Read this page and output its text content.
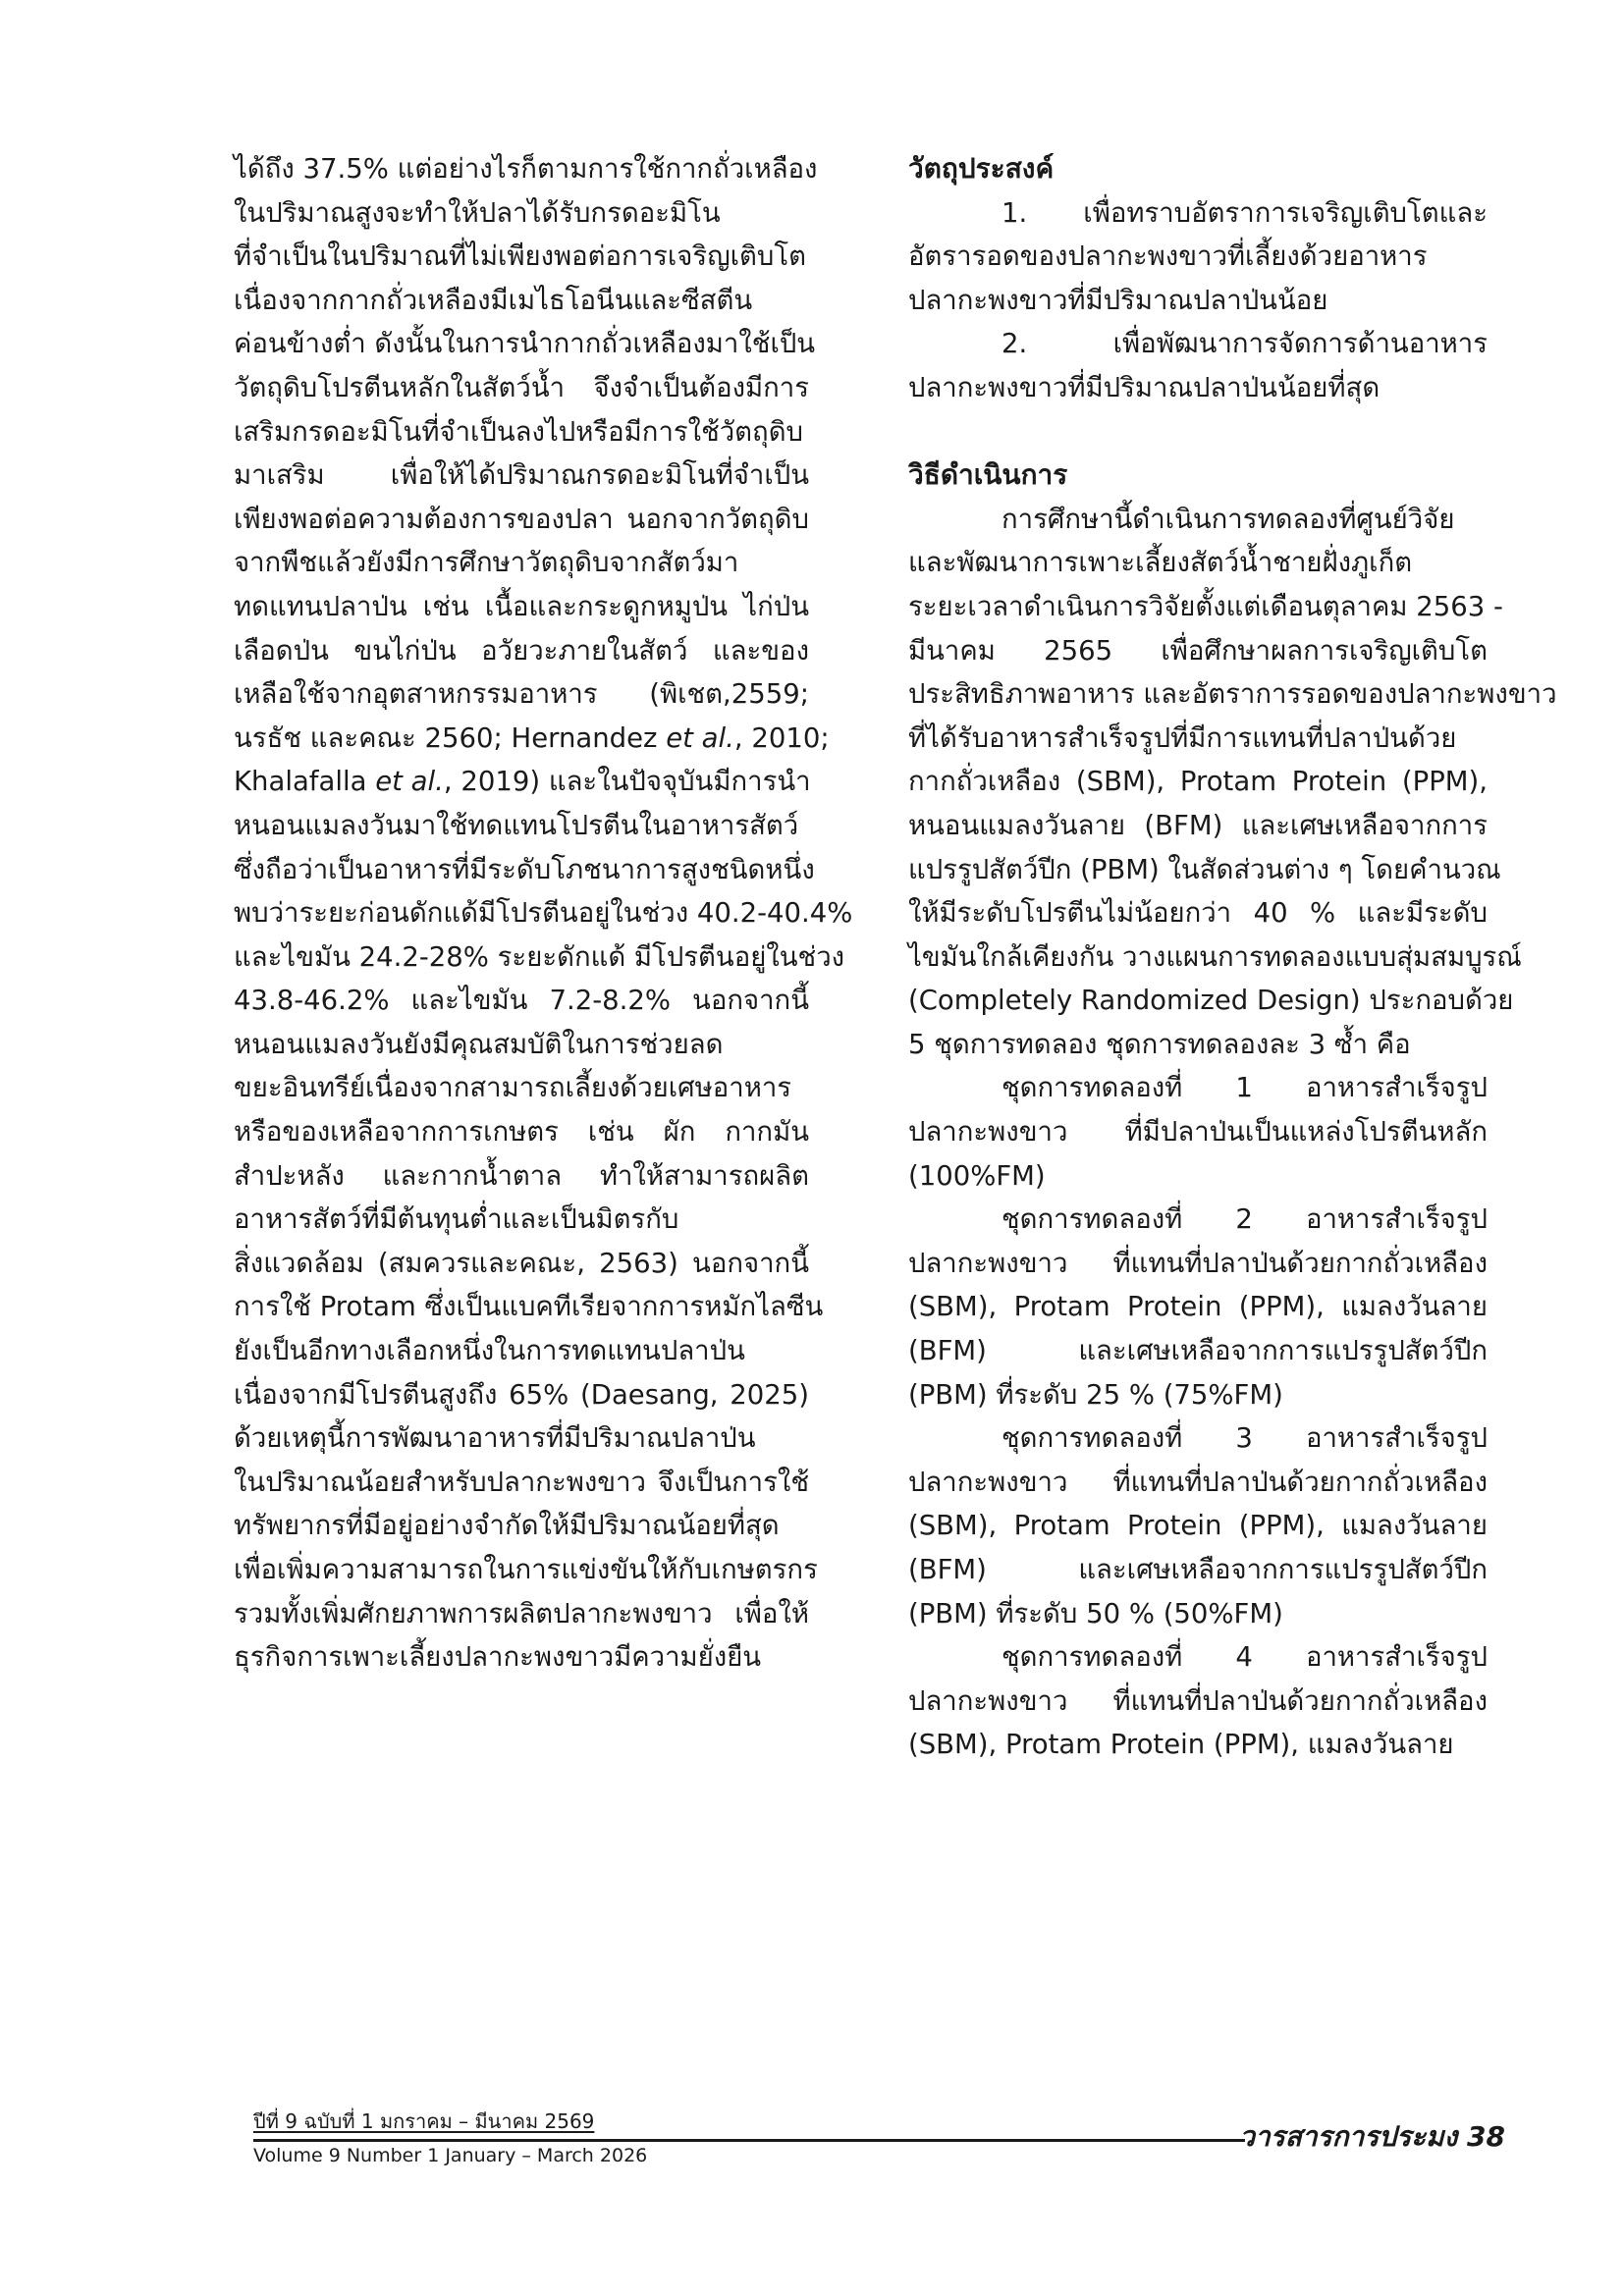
ได้ถึง 37.5% แต่อย่างไรก็ตามการใช้กากถั่วเหลือง
ในปริมาณสูงจะทำให้ปลาได้รับกรดอะมิโน
ที่จำเป็นในปริมาณที่ไม่เพียงพอต่อการเจริญเติบโต
เนื่องจากกากถั่วเหลืองมีเมไธโอนีนและซีสตีน
ค่อนข้างต่ำ ดังนั้นในการนำกากถั่วเหลืองมาใช้เป็น
วัตถุดิบโปรตีนหลักในสัตว์น้ำ จึงจำเป็นต้องมีการ
เสริมกรดอะมิโนที่จำเป็นลงไปหรือมีการใช้วัตถุดิบ
มาเสริม เพื่อให้ได้ปริมาณกรดอะมิโนที่จำเป็น
เพียงพอต่อความต้องการของปลา นอกจากวัตถุดิบ
จากพืชแล้วยังมีการศึกษาวัตถุดิบจากสัตว์มา
ทดแทนปลาป่น เช่น เนื้อและกระดูกหมูป่น ไก่ป่น
เลือดป่น ขนไก่ป่น อวัยวะภายในสัตว์ และของ
เหลือใช้จากอุตสาหกรรมอาหาร (พิเชต,2559;
นรธัช และคณะ 2560; Hernandez et al., 2010;
Khalafalla et al., 2019) และในปัจจุบันมีการนำ
หนอนแมลงวันมาใช้ทดแทนโปรตีนในอาหารสัตว์
ซึ่งถือว่าเป็นอาหารที่มีระดับโภชนาการสูงชนิดหนึ่ง
พบว่าระยะก่อนดักแด้มีโปรตีนอยู่ในช่วง 40.2-40.4%
และไขมัน 24.2-28% ระยะดักแด้ มีโปรตีนอยู่ในช่วง
43.8-46.2% และไขมัน 7.2-8.2% นอกจากนี้
หนอนแมลงวันยังมีคุณสมบัติในการช่วยลด
ขยะอินทรีย์เนื่องจากสามารถเลี้ยงด้วยเศษอาหาร
หรือของเหลือจากการเกษตร เช่น ผัก กากมัน
สำปะหลัง และกากน้ำตาล ทำให้สามารถผลิต
อาหารสัตว์ที่มีต้นทุนต่ำและเป็นมิตรกับ
สิ่งแวดล้อม (สมควรและคณะ, 2563) นอกจากนี้
การใช้ Protam ซึ่งเป็นแบคทีเรียจากการหมักไลซีน
ยังเป็นอีกทางเลือกหนึ่งในการทดแทนปลาป่น
เนื่องจากมีโปรตีนสูงถึง 65% (Daesang, 2025)
ด้วยเหตุนี้การพัฒนาอาหารที่มีปริมาณปลาป่น
ในปริมาณน้อยสำหรับปลากะพงขาว จึงเป็นการใช้
ทรัพยากรที่มีอยู่อย่างจำกัดให้มีปริมาณน้อยที่สุด
เพื่อเพิ่มความสามารถในการแข่งขันให้กับเกษตรกร
รวมทั้งเพิ่มศักยภาพการผลิตปลากะพงขาว เพื่อให้
ธุรกิจการเพาะเลี้ยงปลากะพงขาวมีความยั่งยืน
วัตถุประสงค์
1. เพื่อทราบอัตราการเจริญเติบโตและ
อัตรารอดของปลากะพงขาวที่เลี้ยงด้วยอาหาร
ปลากะพงขาวที่มีปริมาณปลาป่นน้อย
2. เพื่อพัฒนาการจัดการด้านอาหาร
ปลากะพงขาวที่มีปริมาณปลาป่นน้อยที่สุด
วิธีดำเนินการ
การศึกษานี้ดำเนินการทดลองที่ศูนย์วิจัย
และพัฒนาการเพาะเลี้ยงสัตว์น้ำชายฝั่งภูเก็ต
ระยะเวลาดำเนินการวิจัยตั้งแต่เดือนตุลาคม 2563 -
มีนาคม 2565 เพื่อศึกษาผลการเจริญเติบโต
ประสิทธิภาพอาหาร และอัตราการรอดของปลากะพงขาว
ที่ได้รับอาหารสำเร็จรูปที่มีการแทนที่ปลาป่นด้วย
กากถั่วเหลือง (SBM), Protam Protein (PPM),
หนอนแมลงวันลาย (BFM) และเศษเหลือจากการ
แปรรูปสัตว์ปีก (PBM) ในสัดส่วนต่าง ๆ โดยคำนวณ
ให้มีระดับโปรตีนไม่น้อยกว่า 40 % และมีระดับ
ไขมันใกล้เคียงกัน วางแผนการทดลองแบบสุ่มสมบูรณ์
(Completely Randomized Design) ประกอบด้วย
5 ชุดการทดลอง ชุดการทดลองละ 3 ซ้ำ คือ
ชุดการทดลองที่ 1 อาหารสำเร็จรูป
ปลากะพงขาว ที่มีปลาป่นเป็นแหล่งโปรตีนหลัก
(100%FM)
ชุดการทดลองที่ 2 อาหารสำเร็จรูป
ปลากะพงขาว ที่แทนที่ปลาป่นด้วยกากถั่วเหลือง
(SBM), Protam Protein (PPM), แมลงวันลาย
(BFM) และเศษเหลือจากการแปรรูปสัตว์ปีก
(PBM) ที่ระดับ 25 % (75%FM)
ชุดการทดลองที่ 3 อาหารสำเร็จรูป
ปลากะพงขาว ที่แทนที่ปลาป่นด้วยกากถั่วเหลือง
(SBM), Protam Protein (PPM), แมลงวันลาย
(BFM) และเศษเหลือจากการแปรรูปสัตว์ปีก
(PBM) ที่ระดับ 50 % (50%FM)
ชุดการทดลองที่ 4 อาหารสำเร็จรูป
ปลากะพงขาว ที่แทนที่ปลาป่นด้วยกากถั่วเหลือง
(SBM), Protam Protein (PPM), แมลงวันลาย
ปีที่ 9 ฉบับที่ 1 มกราคม – มีนาคม 2569
Volume 9 Number 1 January – March 2026
วารสารการประมง 38
